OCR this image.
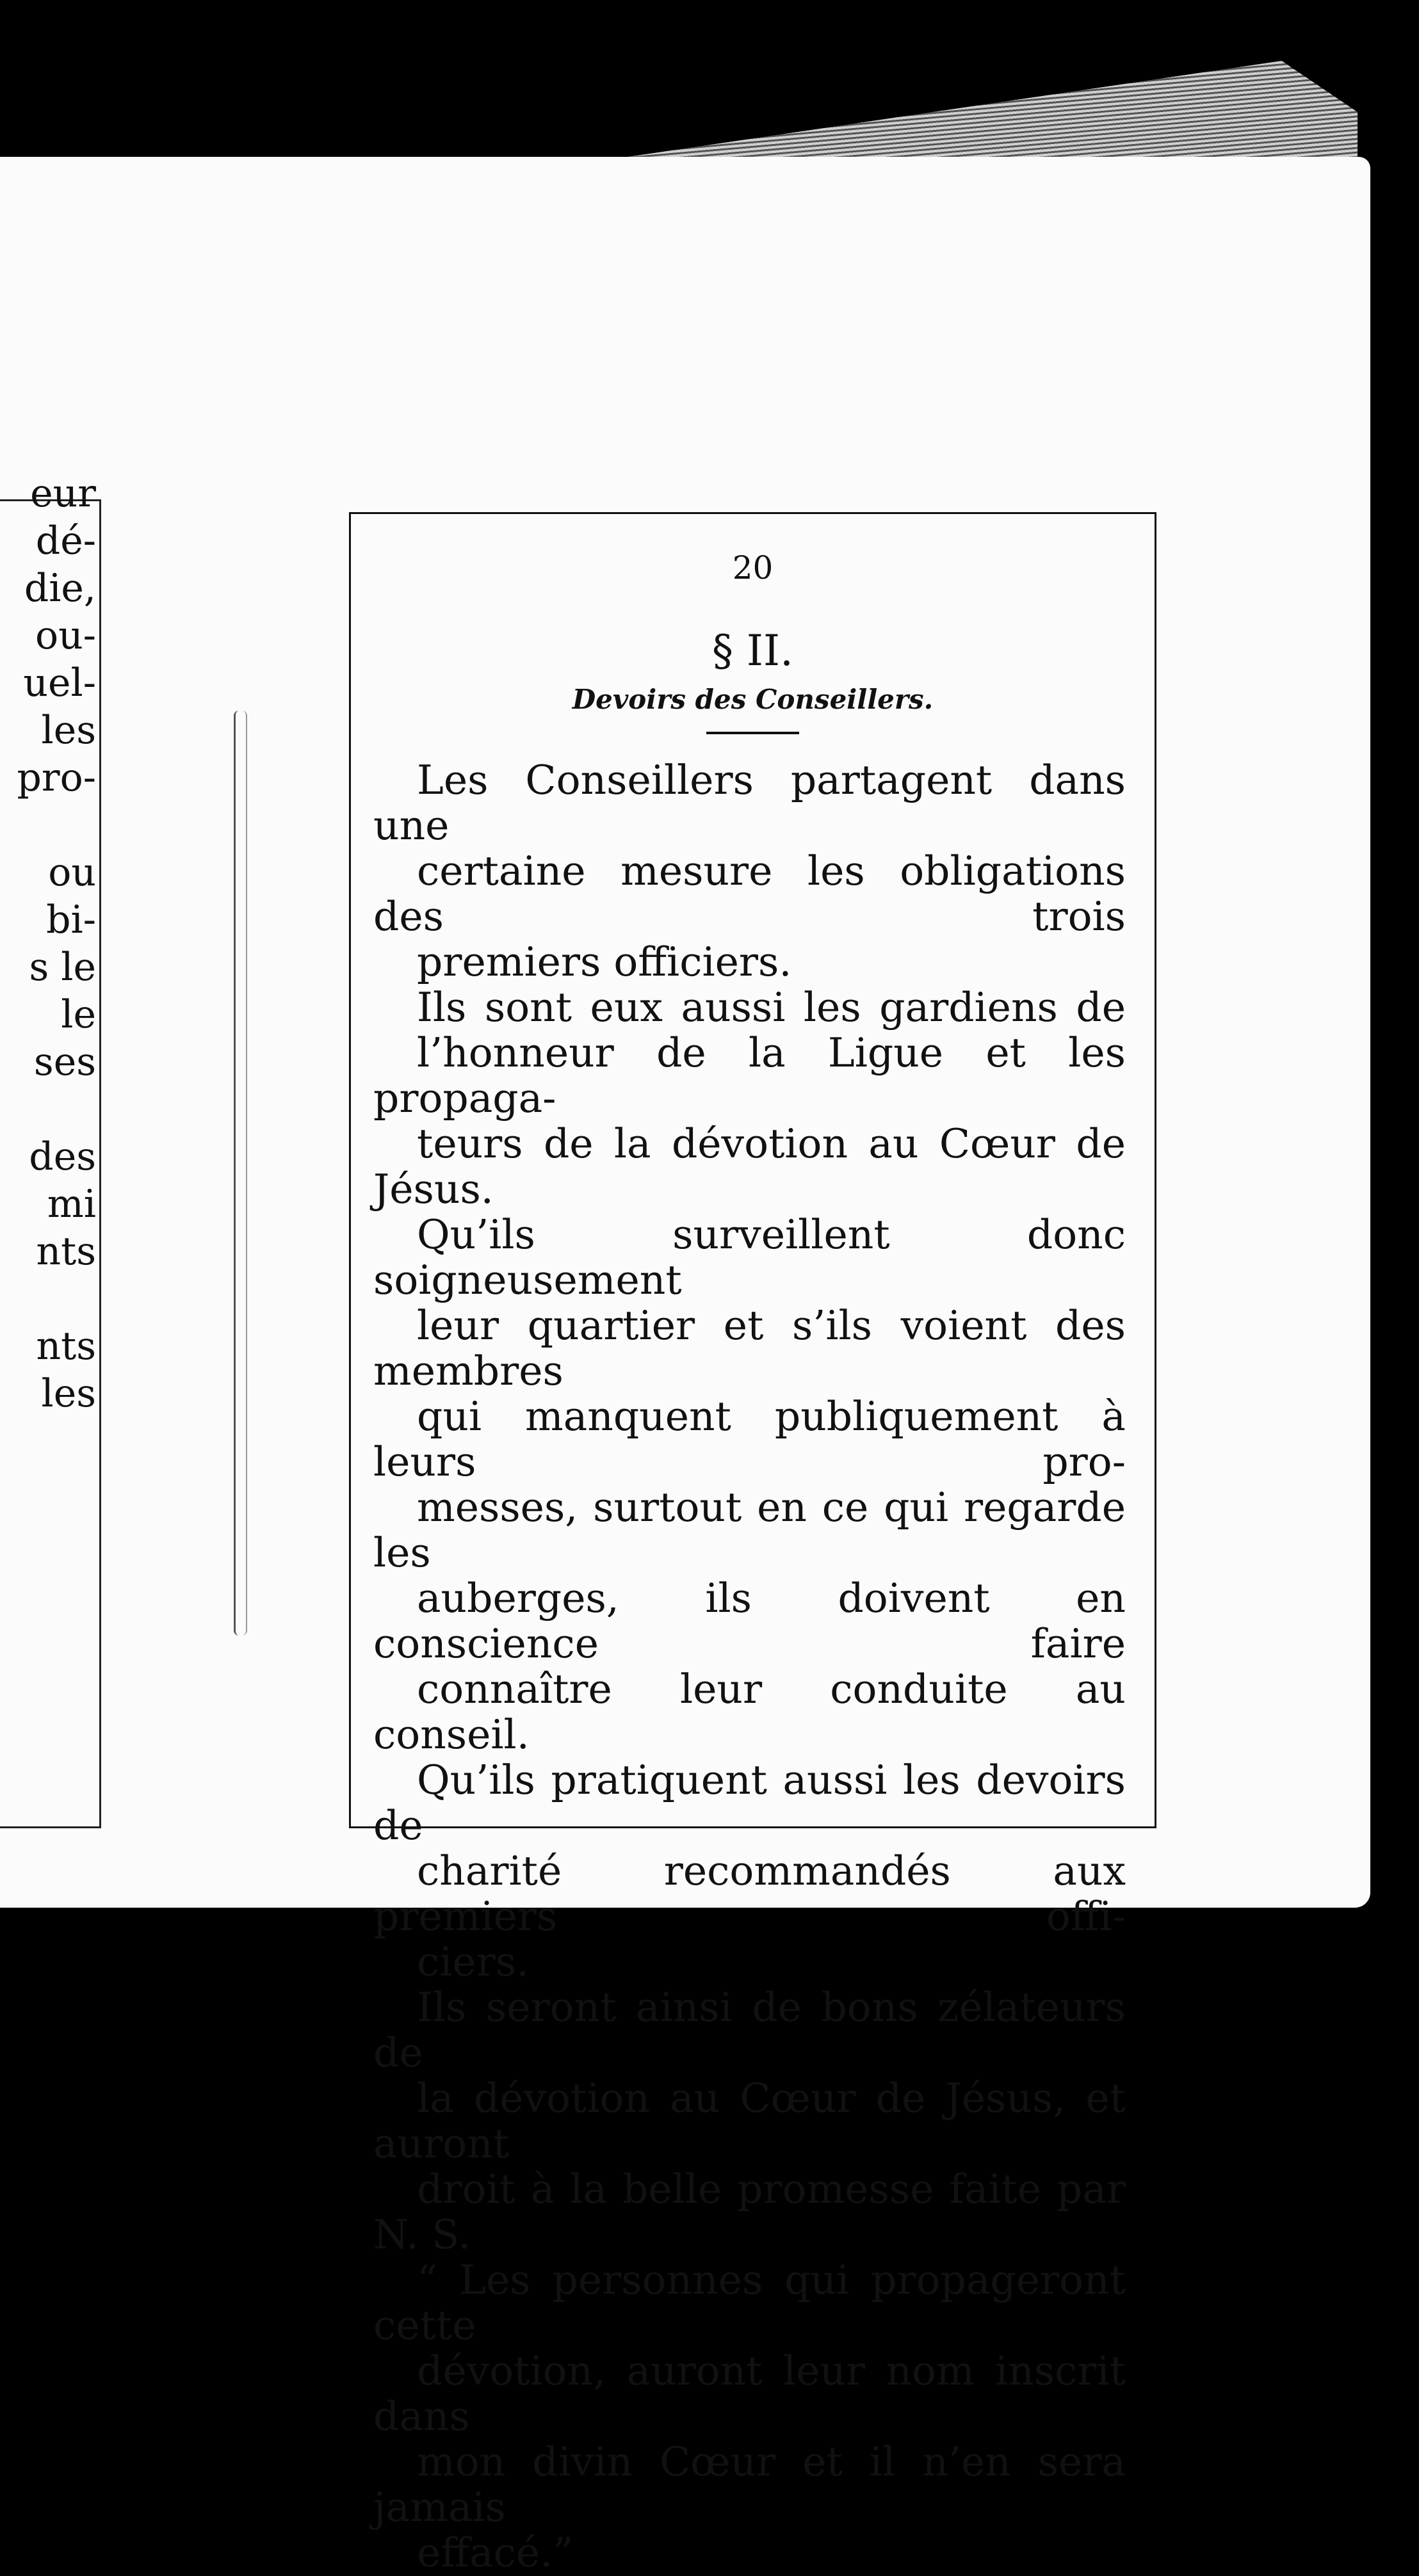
20
§ II.
Devoirs des Conseillers.

Les Conseillers partagent dans une
certaine mesure les obligations des trois
premiers officiers.

Ils sont eux aussi les gardiens de
l’honneur de la Ligue et les propaga-
teurs de la dévotion au Cœur de Jésus.

Qu’ils surveillent donc soigneusement
leur quartier et s’ils voient des membres
qui manquent publiquement à leurs pro-
messes, surtout en ce qui regarde les
auberges, ils doivent en conscience faire
connaître leur conduite au conseil.

Qu’ils pratiquent aussi les devoirs de
charité recommandés aux premiers offi-
ciers.

Ils seront ainsi de bons zélateurs de
la dévotion au Cœur de Jésus, et auront
droit à la belle promesse faite par N. S.

“ Les personnes qui propageront cette
dévotion, auront leur nom inscrit dans
mon divin Cœur et il n’en sera jamais
effacé.”

eur
dé-
die,
ou-
uel-
les
pro-
ou
bi-
s le
le
ses
des
mi
nts
nts
les
